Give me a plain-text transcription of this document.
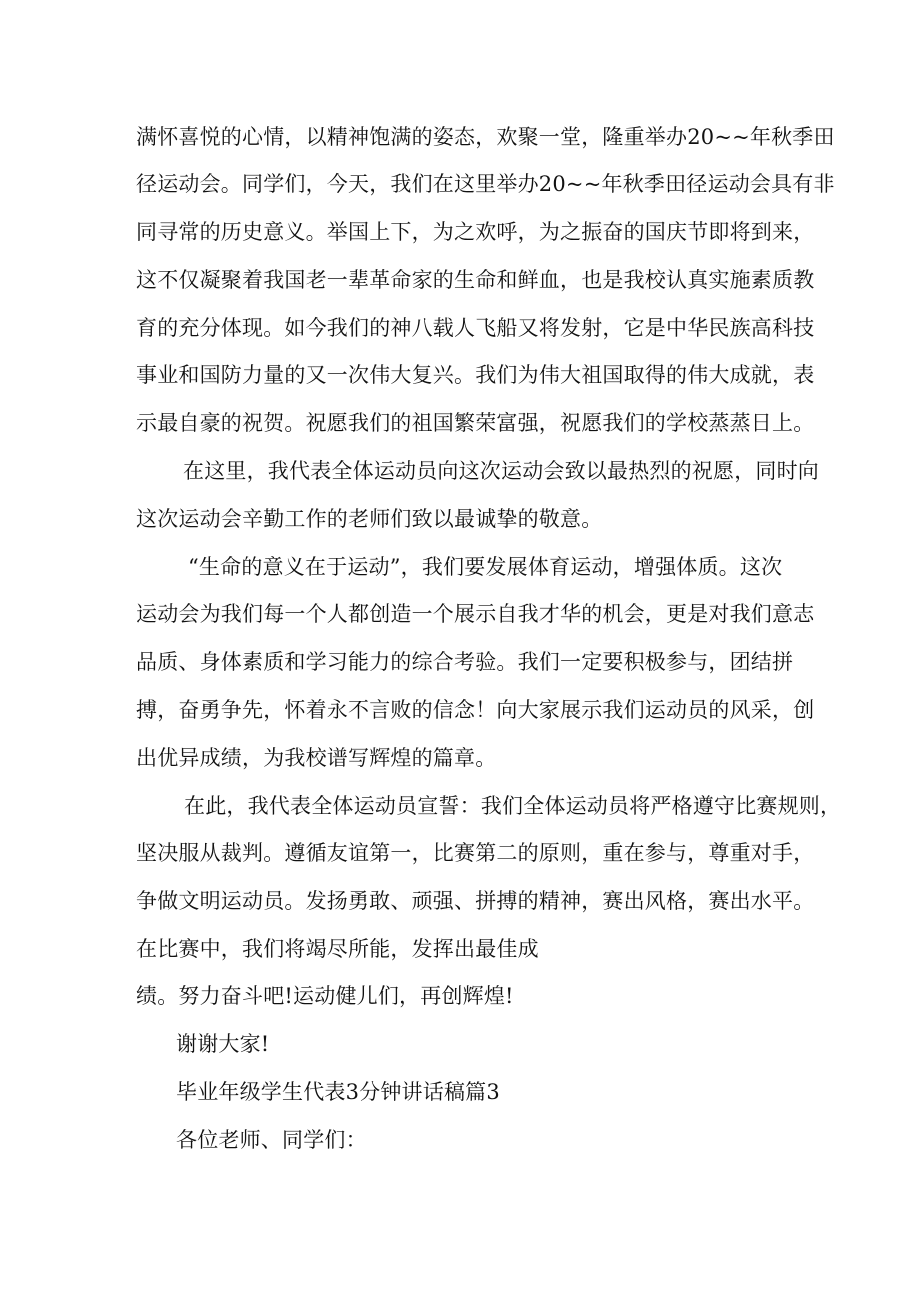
满怀喜悦的心情，以精神饱满的姿态，欢聚一堂，隆重举办20~~年秋季田
径运动会。同学们，今天，我们在这里举办20~~年秋季田径运动会具有非
同寻常的历史意义。举国上下，为之欢呼，为之振奋的国庆节即将到来，
这不仅凝聚着我国老一辈革命家的生命和鲜血，也是我校认真实施素质教
育的充分体现。如今我们的神八载人飞船又将发射，它是中华民族高科技
事业和国防力量的又一次伟大复兴。我们为伟大祖国取得的伟大成就，表
示最自豪的祝贺。祝愿我们的祖国繁荣富强，祝愿我们的学校蒸蒸日上。
在这里，我代表全体运动员向这次运动会致以最热烈的祝愿，同时向
这次运动会辛勤工作的老师们致以最诚挚的敬意。
“生命的意义在于运动”，我们要发展体育运动，增强体质。这次
运动会为我们每一个人都创造一个展示自我才华的机会，更是对我们意志
品质、身体素质和学习能力的综合考验。我们一定要积极参与，团结拼
搏，奋勇争先，怀着永不言败的信念！向大家展示我们运动员的风采，创
出优异成绩，为我校谱写辉煌的篇章。
在此，我代表全体运动员宣誓：我们全体运动员将严格遵守比赛规则，
坚决服从裁判。遵循友谊第一，比赛第二的原则，重在参与，尊重对手，
争做文明运动员。发扬勇敢、顽强、拼搏的精神，赛出风格，赛出水平。
在比赛中，我们将竭尽所能，发挥出最佳成
绩。努力奋斗吧!运动健儿们，再创辉煌!
谢谢大家!
毕业年级学生代表3分钟讲话稿篇3
各位老师、同学们：
